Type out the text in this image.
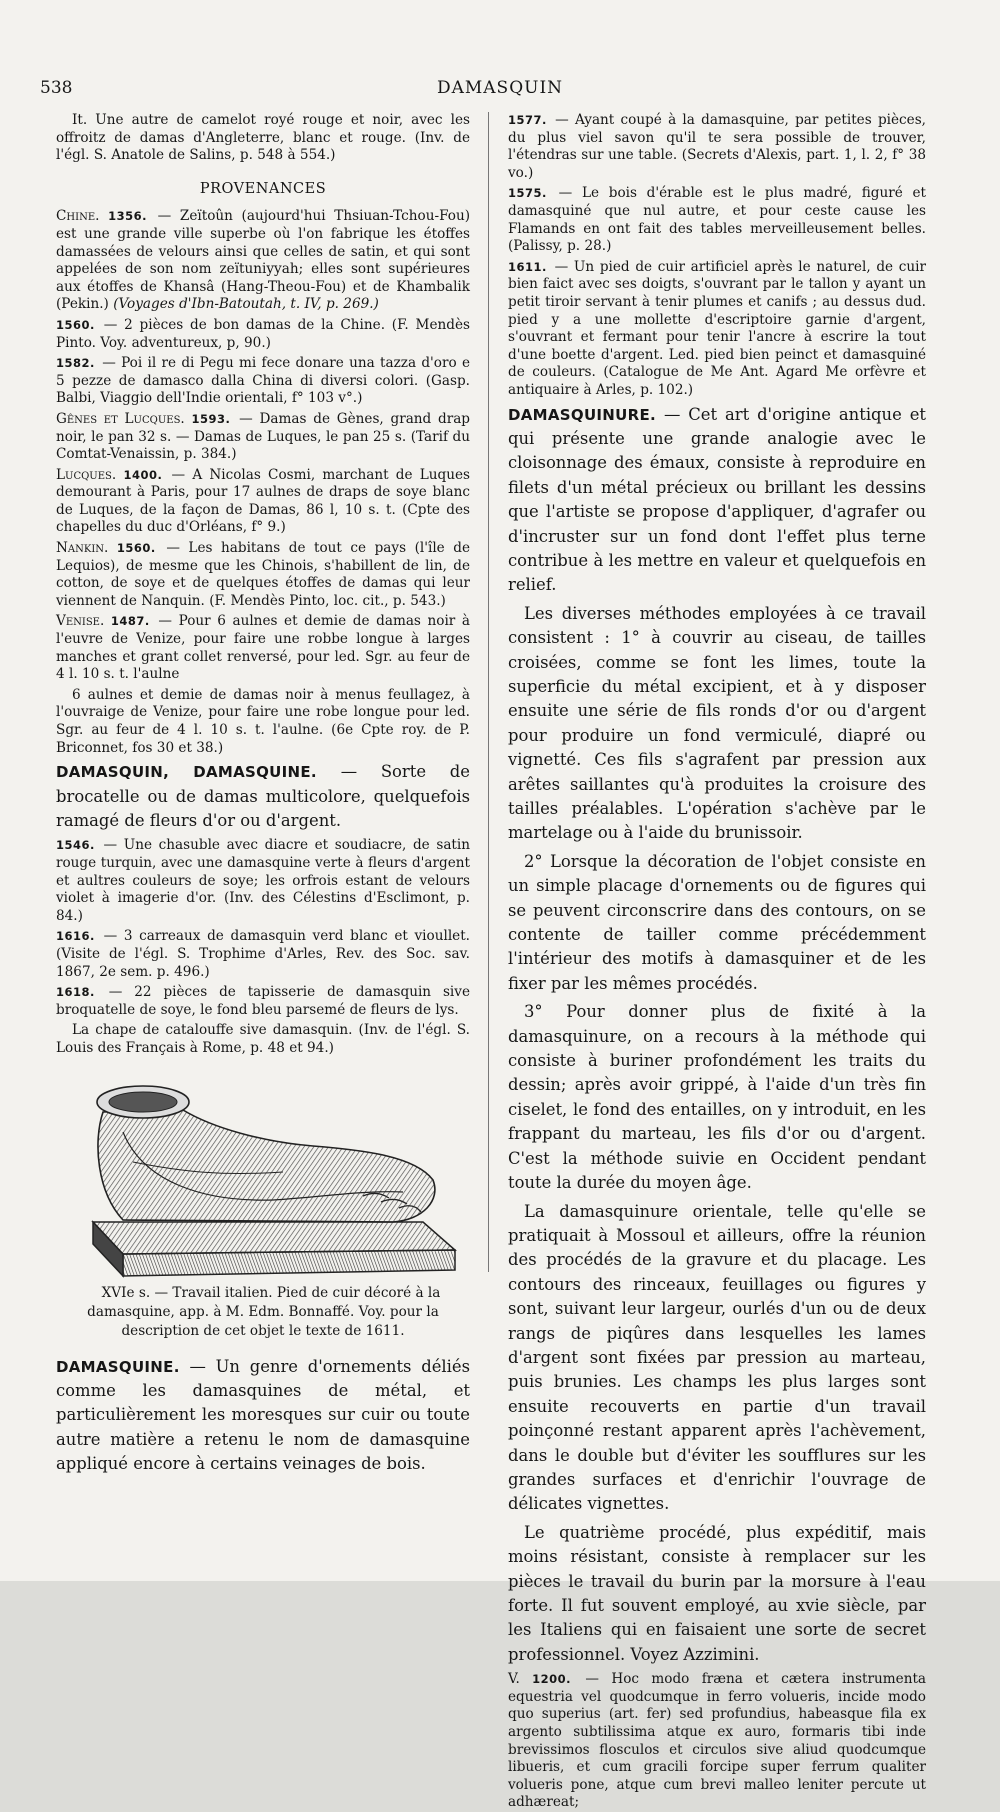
538	DAMASQUIN

It. Une autre de camelot royé rouge et noir, avec les offroitz de damas d'Angleterre, blanc et rouge. (Inv. de l'égl. S. Anatole de Salins, p. 548 à 554.)

PROVENANCES

Chine. 1356. — Zeïtoûn (aujourd'hui Thsiuan-Tchou-Fou) est une grande ville superbe où l'on fabrique les étoffes damassées de velours ainsi que celles de satin, et qui sont appelées de son nom zeïtuniyyah; elles sont supérieures aux étoffes de Khansâ (Hang-Theou-Fou) et de Khambalik (Pekin.) (Voyages d'Ibn-Batoutah, t. IV, p. 269.)

1560. — 2 pièces de bon damas de la Chine. (F. Mendès Pinto. Voy. adventureux, p, 90.)

1582. — Poi il re di Pegu mi fece donare una tazza d'oro e 5 pezze de damasco dalla China di diversi colori. (Gasp. Balbi, Viaggio dell'Indie orientali, f° 103 v°.)

Gênes et Lucques. 1593. — Damas de Gènes, grand drap noir, le pan 32 s. — Damas de Luques, le pan 25 s. (Tarif du Comtat-Venaissin, p. 384.)

Lucques. 1400. — A Nicolas Cosmi, marchant de Luques demourant à Paris, pour 17 aulnes de draps de soye blanc de Luques, de la façon de Damas, 86 l, 10 s. t. (Cpte des chapelles du duc d'Orléans, f° 9.)

Nankin. 1560. — Les habitans de tout ce pays (l'île de Lequios), de mesme que les Chinois, s'habillent de lin, de cotton, de soye et de quelques étoffes de damas qui leur viennent de Nanquin. (F. Mendès Pinto, loc. cit., p. 543.)

Venise. 1487. — Pour 6 aulnes et demie de damas noir à l'euvre de Venize, pour faire une robbe longue à larges manches et grant collet renversé, pour led. Sgr. au feur de 4 l. 10 s. t. l'aulne

6 aulnes et demie de damas noir à menus feullagez, à l'ouvraige de Venize, pour faire une robe longue pour led. Sgr. au feur de 4 l. 10 s. t. l'aulne. (6e Cpte roy. de P. Briconnet, fos 30 et 38.)

DAMASQUIN, DAMASQUINE. — Sorte de brocatelle ou de damas multicolore, quelquefois ramagé de fleurs d'or ou d'argent.

1546. — Une chasuble avec diacre et soudiacre, de satin rouge turquin, avec une damasquine verte à fleurs d'argent et aultres couleurs de soye; les orfrois estant de velours violet à imagerie d'or. (Inv. des Célestins d'Esclimont, p. 84.)

1616. — 3 carreaux de damasquin verd blanc et vioullet. (Visite de l'égl. S. Trophime d'Arles, Rev. des Soc. sav. 1867, 2e sem. p. 496.)

1618. — 22 pièces de tapisserie de damasquin sive broquatelle de soye, le fond bleu parsemé de fleurs de lys.

La chape de catalouffe sive damasquin. (Inv. de l'égl. S. Louis des Français à Rome, p. 48 et 94.)

XVIe s. — Travail italien. Pied de cuir décoré à la damasquine, app. à M. Edm. Bonnaffé. Voy. pour la description de cet objet le texte de 1611.

DAMASQUINE. — Un genre d'ornements déliés comme les damasquines de métal, et particulièrement les moresques sur cuir ou toute autre matière a retenu le nom de damasquine appliqué encore à certains veinages de bois.

1577. — Ayant coupé à la damasquine, par petites pièces, du plus viel savon qu'il te sera possible de trouver, l'étendras sur une table. (Secrets d'Alexis, part. 1, l. 2, f° 38 vo.)

1575. — Le bois d'érable est le plus madré, figuré et damasquiné que nul autre, et pour ceste cause les Flamands en ont fait des tables merveilleusement belles. (Palissy, p. 28.)

1611. — Un pied de cuir artificiel après le naturel, de cuir bien faict avec ses doigts, s'ouvrant par le tallon y ayant un petit tiroir servant à tenir plumes et canifs ; au dessus dud. pied y a une mollette d'escriptoire garnie d'argent, s'ouvrant et fermant pour tenir l'ancre à escrire la tout d'une boette d'argent. Led. pied bien peinct et damasquiné de couleurs. (Catalogue de Me Ant. Agard Me orfèvre et antiquaire à Arles, p. 102.)

DAMASQUINURE. — Cet art d'origine antique et qui présente une grande analogie avec le cloisonnage des émaux, consiste à reproduire en filets d'un métal précieux ou brillant les dessins que l'artiste se propose d'appliquer, d'agrafer ou d'incruster sur un fond dont l'effet plus terne contribue à les mettre en valeur et quelquefois en relief.

Les diverses méthodes employées à ce travail consistent : 1° à couvrir au ciseau, de tailles croisées, comme se font les limes, toute la superficie du métal excipient, et à y disposer ensuite une série de fils ronds d'or ou d'argent pour produire un fond vermiculé, diapré ou vignetté. Ces fils s'agrafent par pression aux arêtes saillantes qu'à produites la croisure des tailles préalables. L'opération s'achève par le martelage ou à l'aide du brunissoir.

2° Lorsque la décoration de l'objet consiste en un simple placage d'ornements ou de figures qui se peuvent circonscrire dans des contours, on se contente de tailler comme précédemment l'intérieur des motifs à damasquiner et de les fixer par les mêmes procédés.

3° Pour donner plus de fixité à la damasquinure, on a recours à la méthode qui consiste à buriner profondément les traits du dessin; après avoir grippé, à l'aide d'un très fin ciselet, le fond des entailles, on y introduit, en les frappant du marteau, les fils d'or ou d'argent. C'est la méthode suivie en Occident pendant toute la durée du moyen âge.

La damasquinure orientale, telle qu'elle se pratiquait à Mossoul et ailleurs, offre la réunion des procédés de la gravure et du placage. Les contours des rinceaux, feuillages ou figures y sont, suivant leur largeur, ourlés d'un ou de deux rangs de piqûres dans lesquelles les lames d'argent sont fixées par pression au marteau, puis brunies. Les champs les plus larges sont ensuite recouverts en partie d'un travail poinçonné restant apparent après l'achèvement, dans le double but d'éviter les soufflures sur les grandes surfaces et d'enrichir l'ouvrage de délicates vignettes.

Le quatrième procédé, plus expéditif, mais moins résistant, consiste à remplacer sur les pièces le travail du burin par la morsure à l'eau forte. Il fut souvent employé, au xvie siècle, par les Italiens qui en faisaient une sorte de secret professionnel. Voyez Azzimini.

V. 1200. — Hoc modo fræna et cætera instrumenta equestria vel quodcumque in ferro volueris, incide modo quo superius (art. fer) sed profundius, habeasque fila ex argento subtilissima atque ex auro, formaris tibi inde brevissimos flosculos et circulos sive aliud quodcumque libueris, et cum gracili forcipe super ferrum qualiter volueris pone, atque cum brevi malleo leniter percute ut adhæreat;
